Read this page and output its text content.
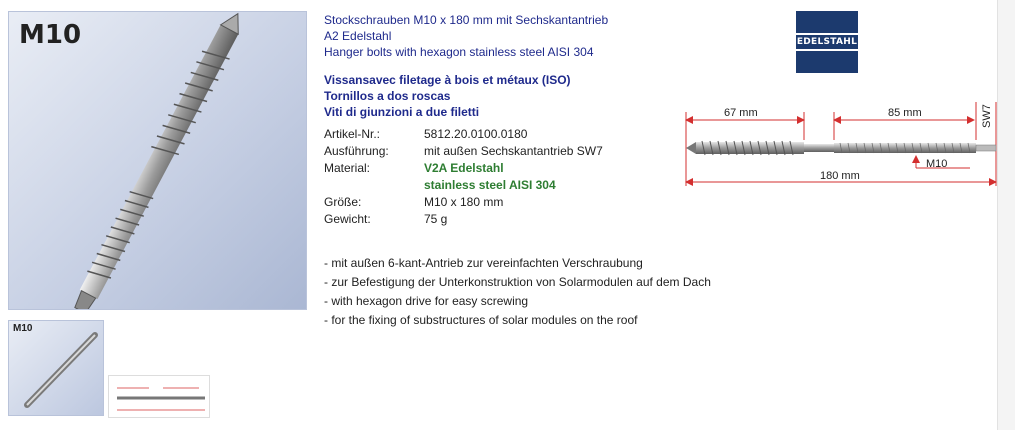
M10
M10
Stockschrauben M10 x 180 mm mit Sechskantantrieb
A2 Edelstahl
Hanger bolts with hexagon stainless steel AISI 304
Vissansavec filetage à bois et métaux (ISO)
Tornillos a dos roscas
Viti di giunzioni a due filetti
Artikel-Nr.:	5812.20.0100.0180
Ausführung:	mit außen Sechskantantrieb SW7
Material:	V2A Edelstahl
stainless steel AISI 304
Größe:	M10 x 180 mm
Gewicht:	75 g
- mit außen 6-kant-Antrieb zur vereinfachten Verschraubung
- zur Befestigung der Unterkonstruktion von Solarmodulen auf dem Dach
- with hexagon drive for easy screwing
- for the fixing of substructures of solar modules on the roof
EDELSTAHL
67 mm	85 mm
180 mm
M10
SW7
